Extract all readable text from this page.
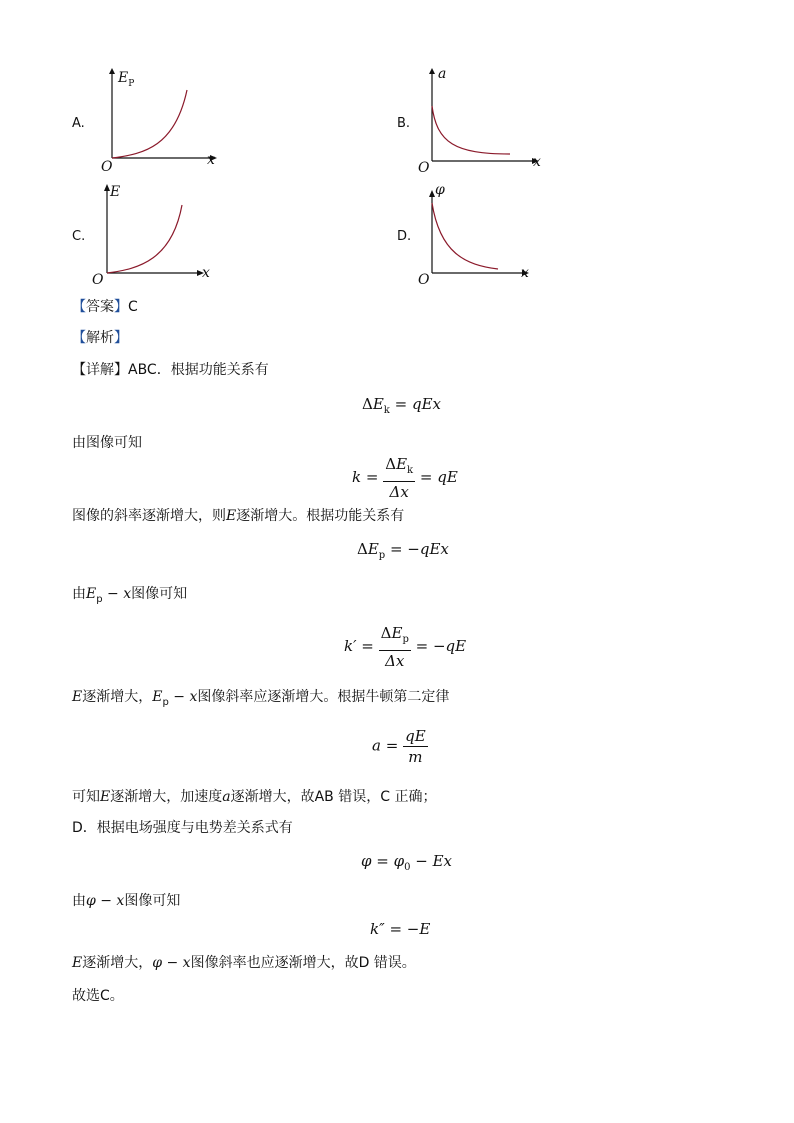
A.
$E_P$
x
O
B.
a
x
O
C.
E
x
O
D.
φ
x
O
【答案】C
【解析】
【详解】ABC．根据功能关系有
$\Delta E_k$ = qEx
由图像可知
$k = \frac{\Delta E_k}{\Delta x}$ = qE
图像的斜率逐渐增大，则E逐渐增大。根据功能关系有
$\Delta E_p = -qEx$
由$E_p - x$图像可知
$k' = \frac{\Delta E_p}{\Delta x} = -qE$
E逐渐增大，$E_p - x$图像斜率应逐渐增大。根据牛顿第二定律
$a = \frac{qE}{m}$
可知E逐渐增大，加速度a逐渐增大，故AB 错误，C 正确；
D．根据电场强度与电势差关系式有
$\varphi = \varphi_0 - Ex$
由φ − x图像可知
k″ = −E
E逐渐增大，φ − x图像斜率也应逐渐增大，故D 错误。
故选C。
